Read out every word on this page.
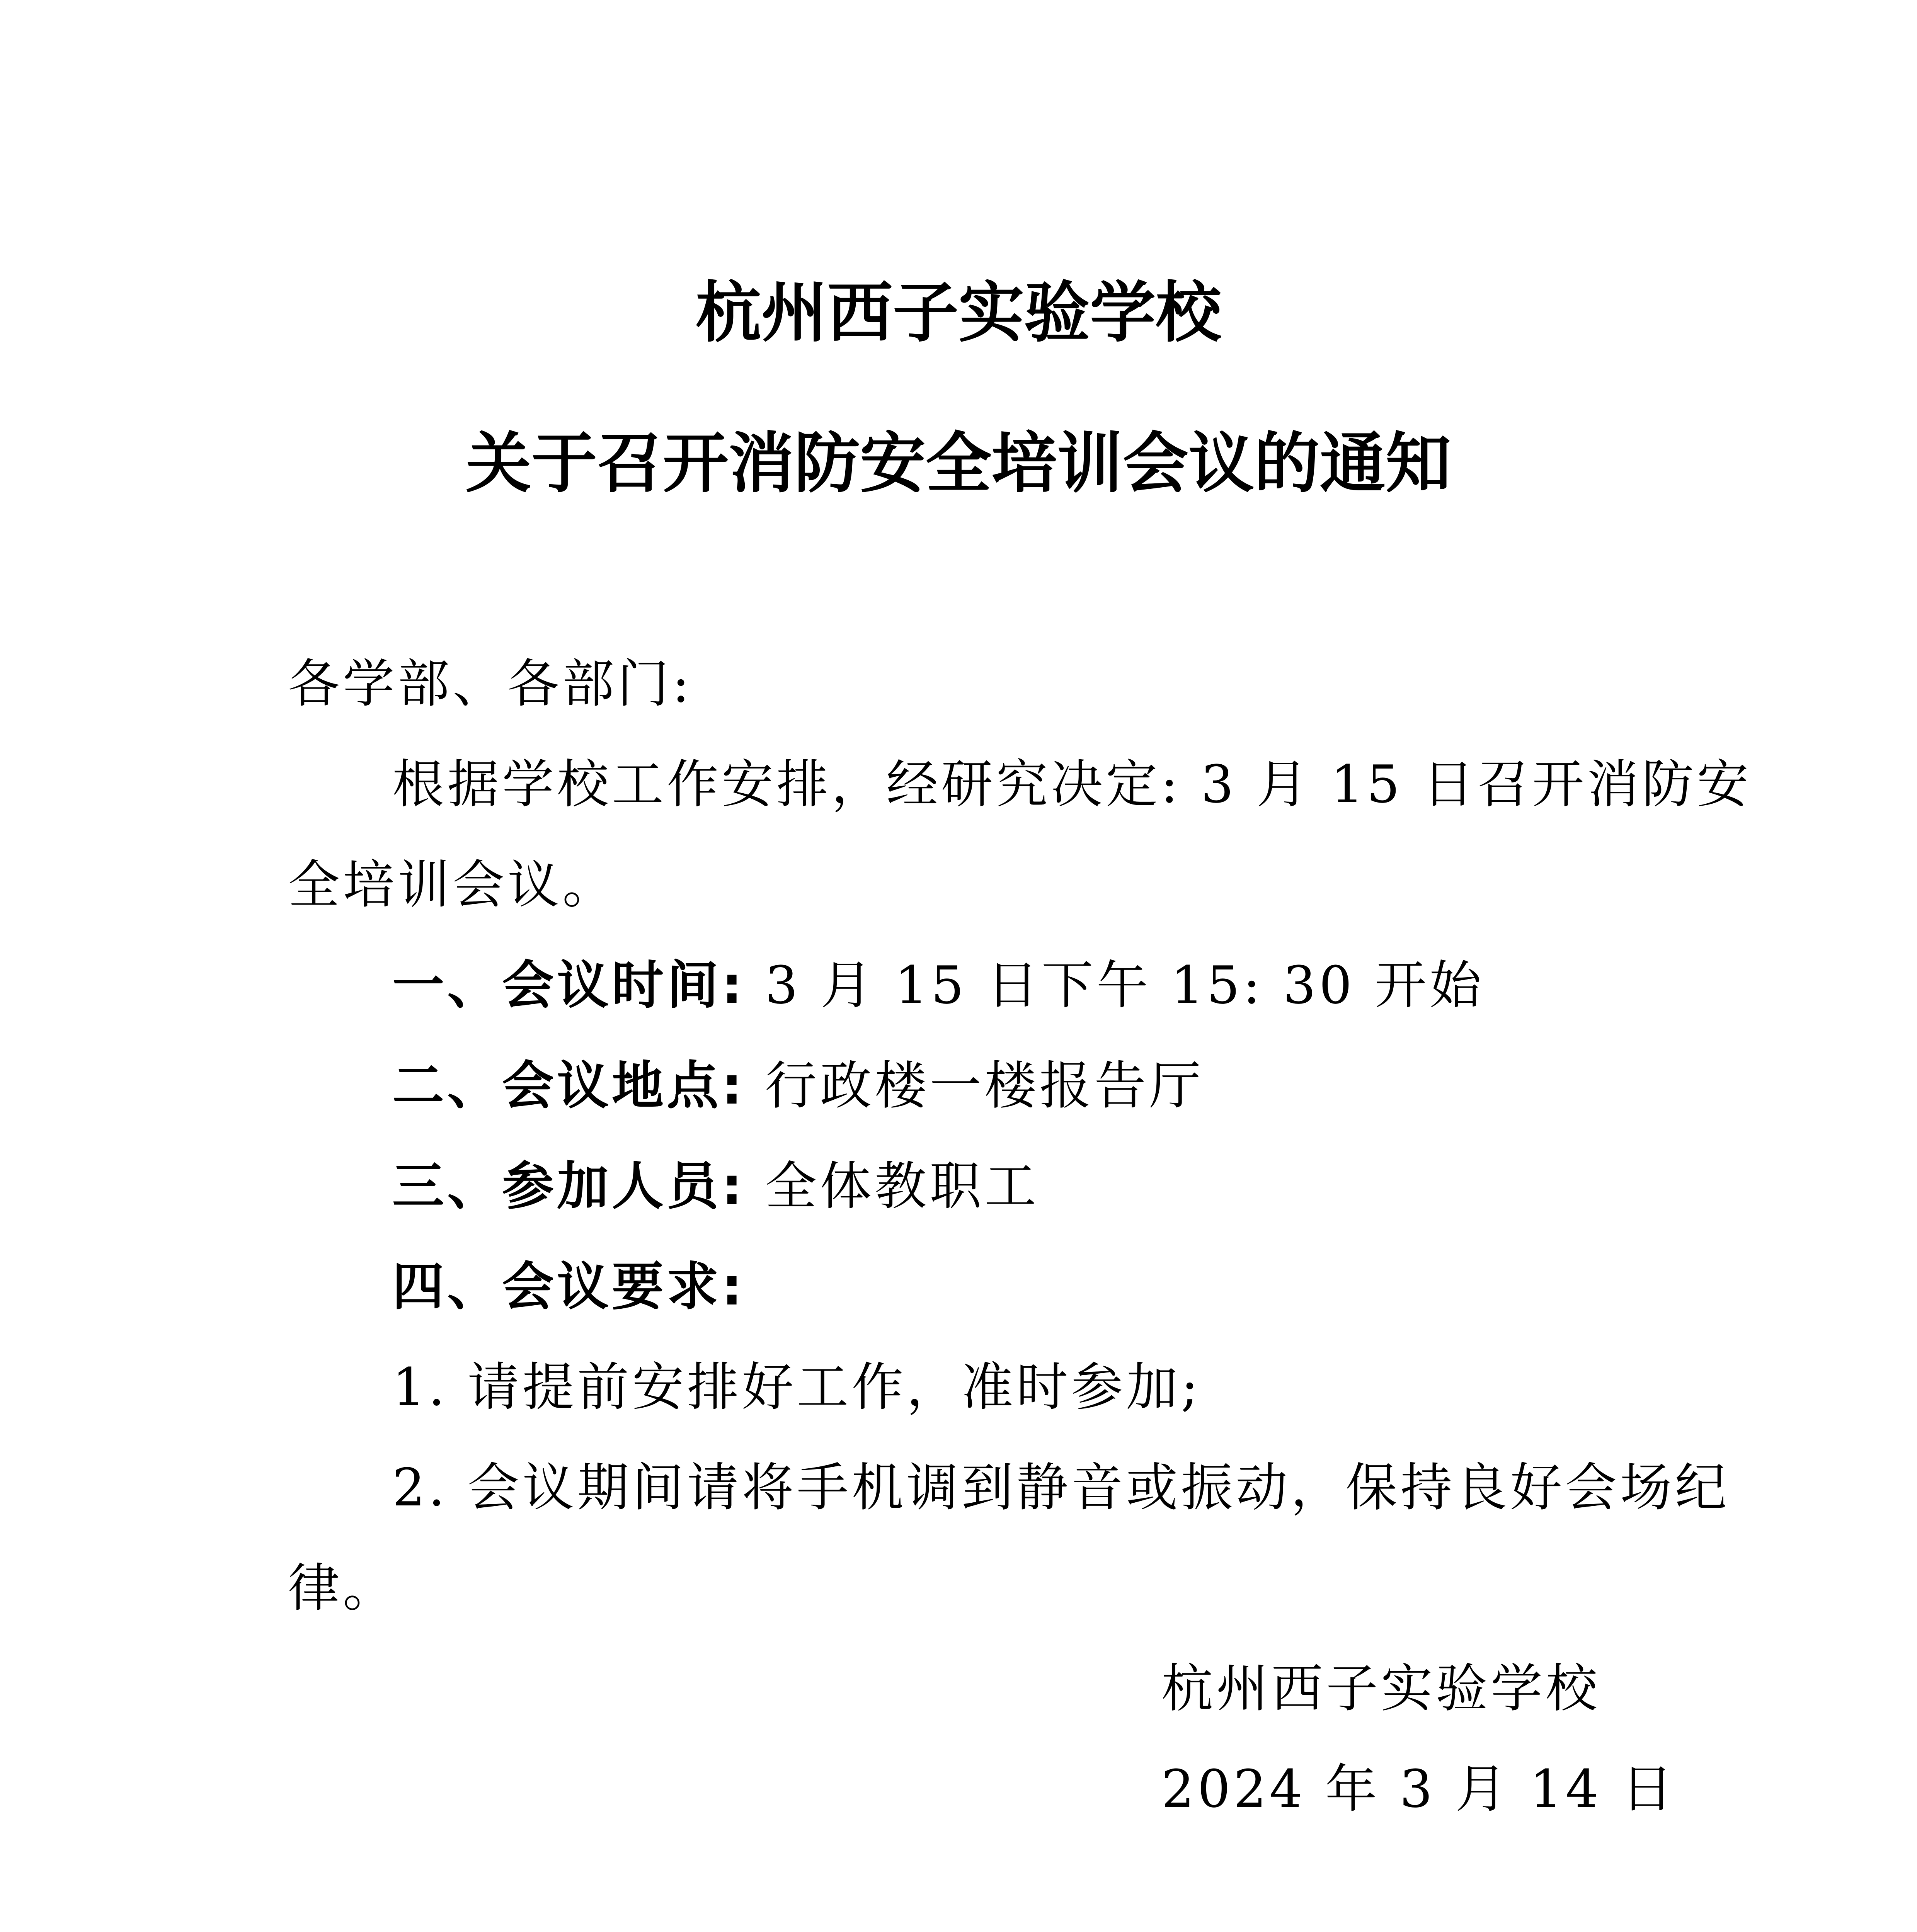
杭州西子实验学校
关于召开消防安全培训会议的通知
各学部、各部门:
根据学校工作安排，经研究决定: 3 月 15 日召开消防安
全培训会议。
一、会议时间: 3 月 15 日下午 15: 30 开始
二、会议地点: 行政楼一楼报告厅
三、参加人员: 全体教职工
四、会议要求:
1. 请提前安排好工作，准时参加;
2. 会议期间请将手机调到静音或振动，保持良好会场纪
律。
杭州西子实验学校
2024 年 3 月 14 日
